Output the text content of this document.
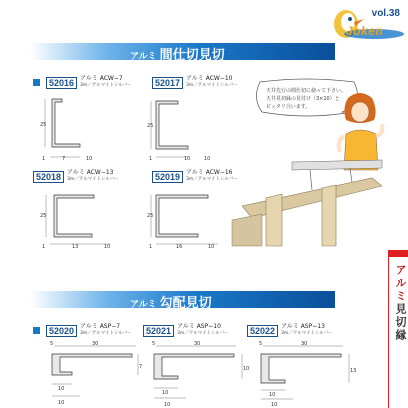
vol.38
Joken
アルミ 間仕切見切
アルミ 勾配見切
52016	アルミ ACW−7
3m／アルマイトシルバー	52017	アルミ ACW−10
3m／アルマイトシルバー
25
1	7	10
25
1	10	10
52018	アルミ ACW−13
3m／アルマイトシルバー	52019	アルミ ACW−16
3m／アルマイトシルバー
25
1	13	10
25
1	16	10
天井先行の間仕切に使って下さい。
天井見切縁の見付け（3×10）と
ピッタリ合います。
アルミ見切縁
52020	アルミ ASP−7
3m／アルマイトシルバー	52021	アルミ ASP−10
3m／アルマイトシルバー	52022	アルミ ASP−13
3m／アルマイトシルバー
5	30
7
10
10
5	30
10
10
10
5	30
13
10
10
